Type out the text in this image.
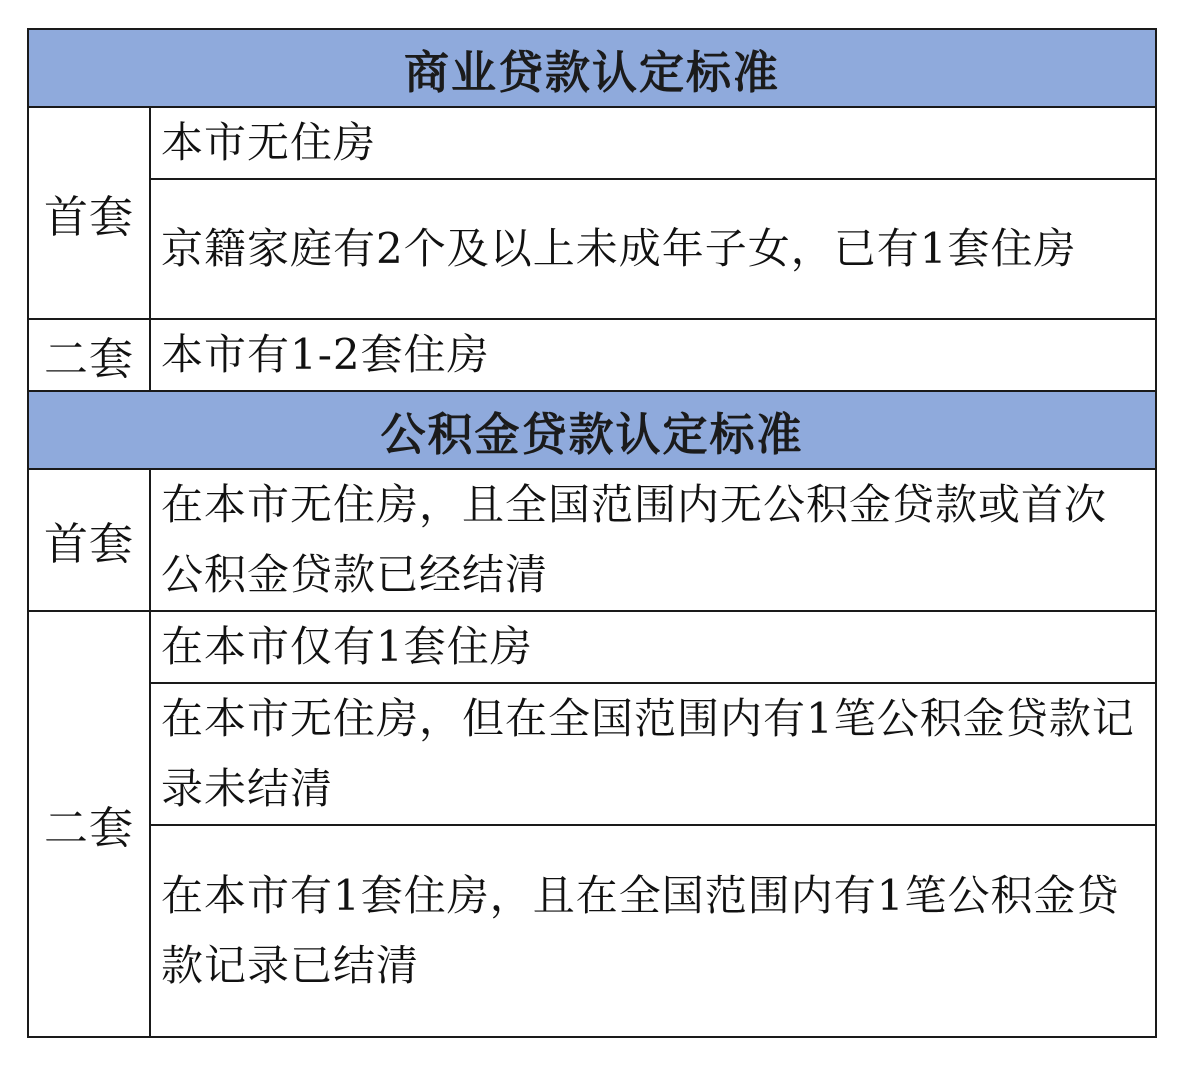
商业贷款认定标准	
首套	本市无住房
	京籍家庭有2个及以上未成年子女，已有1套住房
二套	本市有1-2套住房
公积金贷款认定标准	
首套	在本市无住房，且全国范围内无公积金贷款或首次公积金贷款已经结清
二套	在本市仅有1套住房
	在本市无住房，但在全国范围内有1笔公积金贷款记录未结清
	在本市有1套住房，且在全国范围内有1笔公积金贷款记录已结清
